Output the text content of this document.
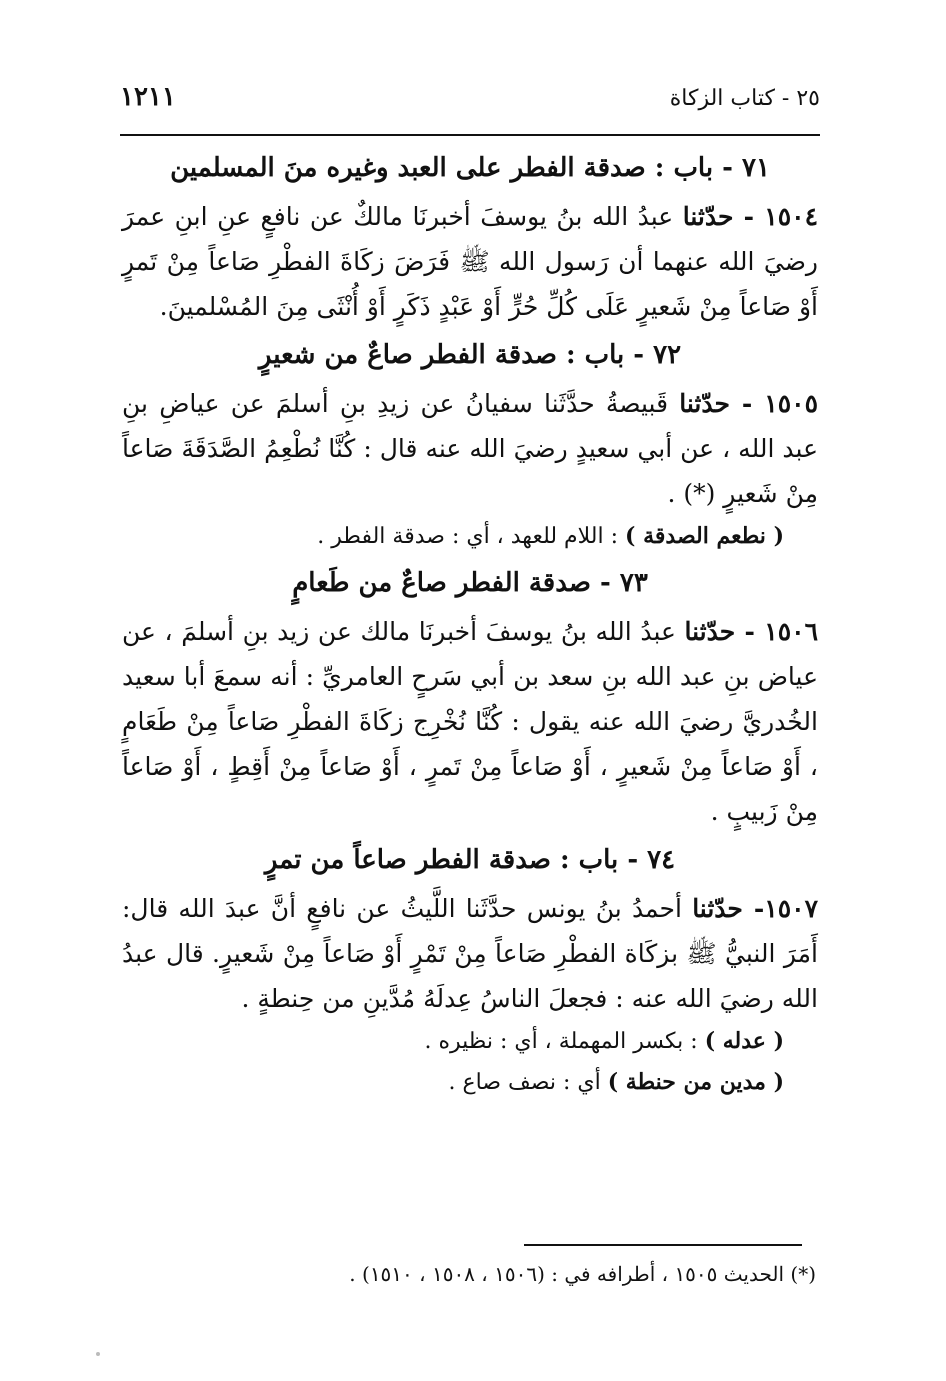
١٢١١	٢٥ - كتاب الزكاة
٧١ - باب : صدقة الفطر على العبد وغيره منَ المسلمين

١٥٠٤ - حدّثنا عبدُ الله بنُ يوسفَ أخبرنَا مالكٌ عن نافعٍ عنِ ابنِ عمرَ رضيَ الله عنهما أن رَسول الله ﷺ فَرَضَ زكَاةَ الفطْرِ صَاعاً مِنْ تَمرٍ أَوْ صَاعاً مِنْ شَعيرٍ عَلَى كُلِّ حُرٍّ أَوْ عَبْدٍ ذَكَرٍ أَوْ أُنْثَى مِنَ المُسْلمينَ.

٧٢ - باب : صدقة الفطر صاعٌ من شعيرٍ

١٥٠٥ - حدّثنا قَبيصةُ حدَّثَنا سفيانُ عن زيدِ بنِ أسلمَ عن عياضِ بنِ عبد الله ، عن أبي سعيدٍ رضيَ الله عنه قال : كُنَّا نُطْعِمُ الصَّدَقَةَ صَاعاً مِنْ شَعيرٍ (*) .

( نطعم الصدقة ) : اللام للعهد ، أي : صدقة الفطر .

٧٣ - صدقة الفطر صاعٌ من طَعامٍ

١٥٠٦ - حدّثنا عبدُ الله بنُ يوسفَ أخبرنَا مالك عن زيد بنِ أسلمَ ، عن عياض بنِ عبد الله بنِ سعد بن أبي سَرحٍ العامريِّ : أنه سمعَ أبا سعيد الخُدريَّ رضيَ الله عنه يقول : كُنَّا نُخْرِج زكَاةَ الفطْرِ صَاعاً مِنْ طَعَامٍ ، أَوْ صَاعاً مِنْ شَعيرٍ ، أَوْ صَاعاً مِنْ تَمرٍ ، أَوْ صَاعاً مِنْ أَقِطٍ ، أَوْ صَاعاً مِنْ زَبيبٍ .

٧٤ - باب : صدقة الفطر صاعاً من تمرٍ

١٥٠٧- حدّثنا أحمدُ بنُ يونس حدَّثَنا اللَّيثُ عن نافعٍ أنَّ عبدَ الله قال: أَمَرَ النبيُّ ﷺ بزكَاة الفطْرِ صَاعاً مِنْ تَمْرٍ أَوْ صَاعاً مِنْ شَعيرٍ. قال عبدُ الله رضيَ الله عنه : فجعلَ الناسُ عِدلَهُ مُدَّينِ من حِنطةٍ .

( عدله ) : بكسر المهملة ، أي : نظيره .

( مدين من حنطة ) أي : نصف صاع .

(*) الحديث ١٥٠٥ ، أطرافه في : (١٥٠٦ ، ١٥٠٨ ، ١٥١٠) .
